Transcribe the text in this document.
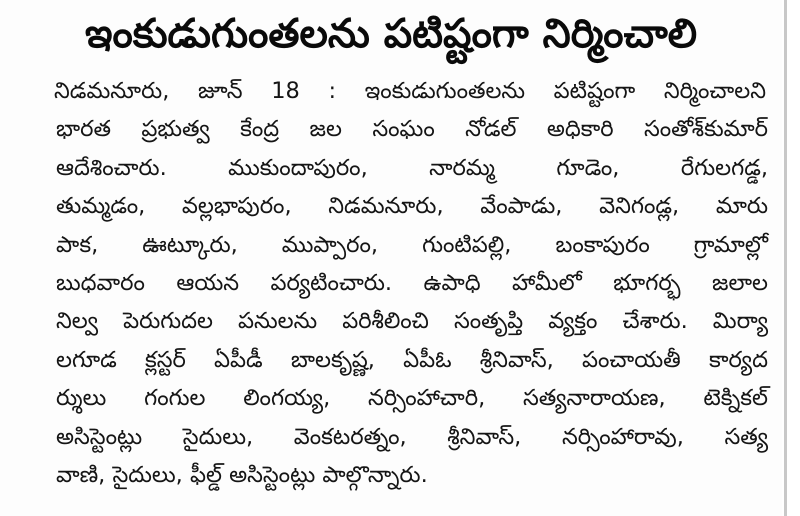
ఇంకుడుగుంతలను పటిష్టంగా నిర్మించాలి
నిడమనూరు, జూన్ 18 : ఇంకుడుగుంతలను పటిష్టంగా నిర్మించాలని
భారత ప్రభుత్వ కేంద్ర జల సంఘం నోడల్ అధికారి సంతోశ్‌కుమార్
ఆదేశించారు. ముకుందాపురం, నారమ్మ గూడెం, రేగులగడ్డ,
తుమ్మడం, వల్లభాపురం, నిడమనూరు, వేంపాడు, వెనిగండ్ల, మారు
పాక, ఊట్కూరు, ముప్పారం, గుంటిపల్లి, బంకాపురం గ్రామాల్లో
బుధవారం ఆయన పర్యటించారు. ఉపాధి హామీలో భూగర్భ జలాల
నిల్వ పెరుగుదల పనులను పరిశీలించి సంతృప్తి వ్యక్తం చేశారు. మిర్యా
లగూడ క్లస్టర్ ఏపీడీ బాలకృష్ణ, ఏపీఓ శ్రీనివాస్, పంచాయతీ కార్యద
ర్శులు గంగుల లింగయ్య, నర్సింహాచారి, సత్యనారాయణ, టెక్నికల్
అసిస్టెంట్లు సైదులు, వెంకటరత్నం, శ్రీనివాస్, నర్సింహారావు, సత్య
వాణి, సైదులు, ఫీల్డ్ అసిస్టెంట్లు పాల్గొన్నారు.
